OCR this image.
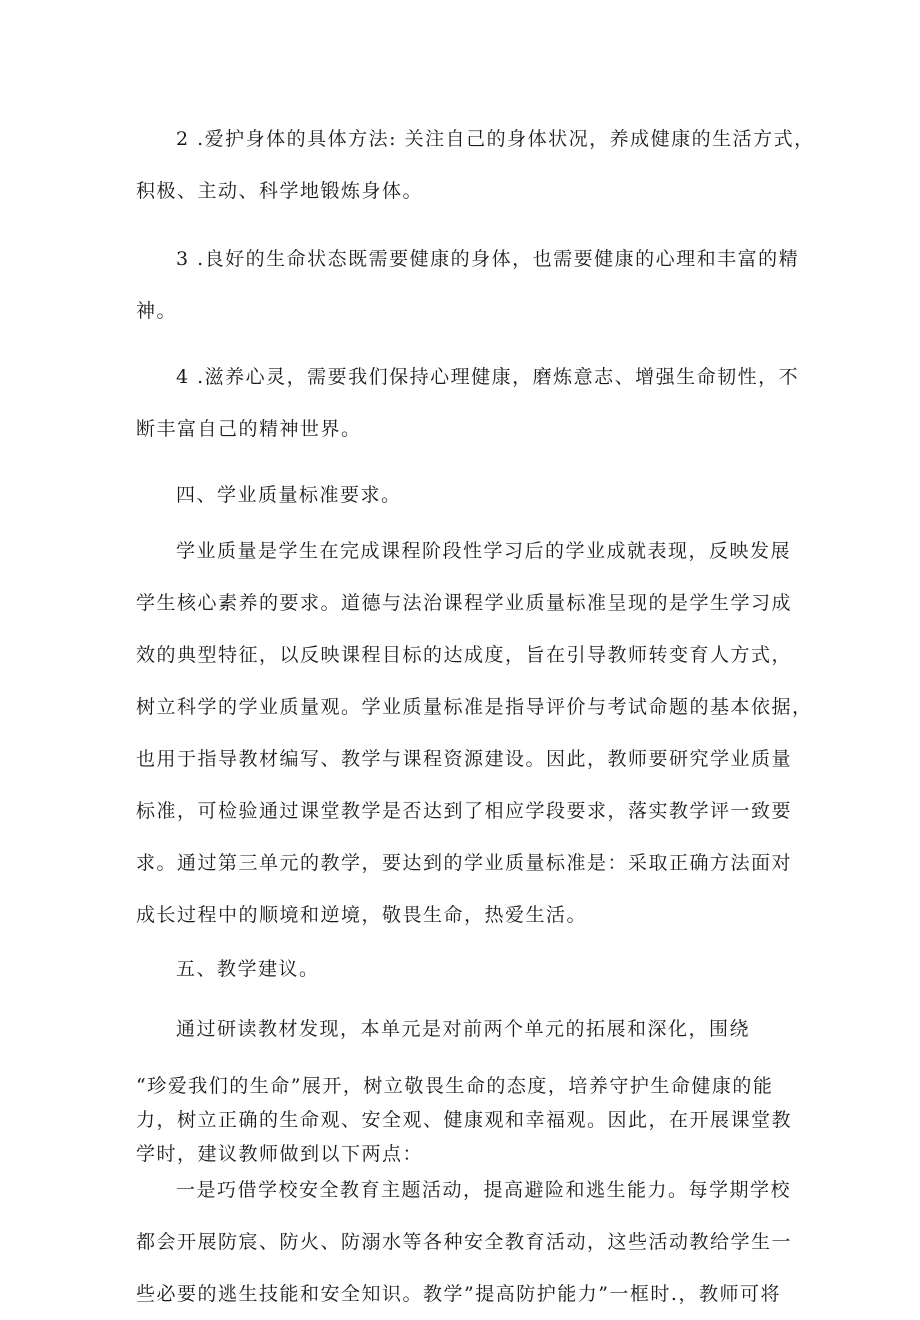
2 .爱护身体的具体方法: 关注自己的身体状况，养成健康的生活方式，
积极、主动、科学地锻炼身体。
3 .良好的生命状态既需要健康的身体，也需要健康的心理和丰富的精
神。
4 .滋养心灵，需要我们保持心理健康，磨炼意志、增强生命韧性，不
断丰富自己的精神世界。
四、学业质量标准要求。
学业质量是学生在完成课程阶段性学习后的学业成就表现，反映发展
学生核心素养的要求。道德与法治课程学业质量标准呈现的是学生学习成
效的典型特征，以反映课程目标的达成度，旨在引导教师转变育人方式，
树立科学的学业质量观。学业质量标准是指导评价与考试命题的基本依据，
也用于指导教材编写、教学与课程资源建设。因此，教师要研究学业质量
标准，可检验通过课堂教学是否达到了相应学段要求，落实教学评一致要
求。通过第三单元的教学，要达到的学业质量标准是：采取正确方法面对
成长过程中的顺境和逆境，敬畏生命，热爱生活。
五、教学建议。
通过研读教材发现，本单元是对前两个单元的拓展和深化，围绕
“珍爱我们的生命”展开，树立敬畏生命的态度，培养守护生命健康的能
力，树立正确的生命观、安全观、健康观和幸福观。因此，在开展课堂教
学时，建议教师做到以下两点：
一是巧借学校安全教育主题活动，提高避险和逃生能力。每学期学校
都会开展防宸、防火、防溺水等各种安全教育活动，这些活动教给学生一
些必要的逃生技能和安全知识。教学”提高防护能力”一框时.，教师可将
